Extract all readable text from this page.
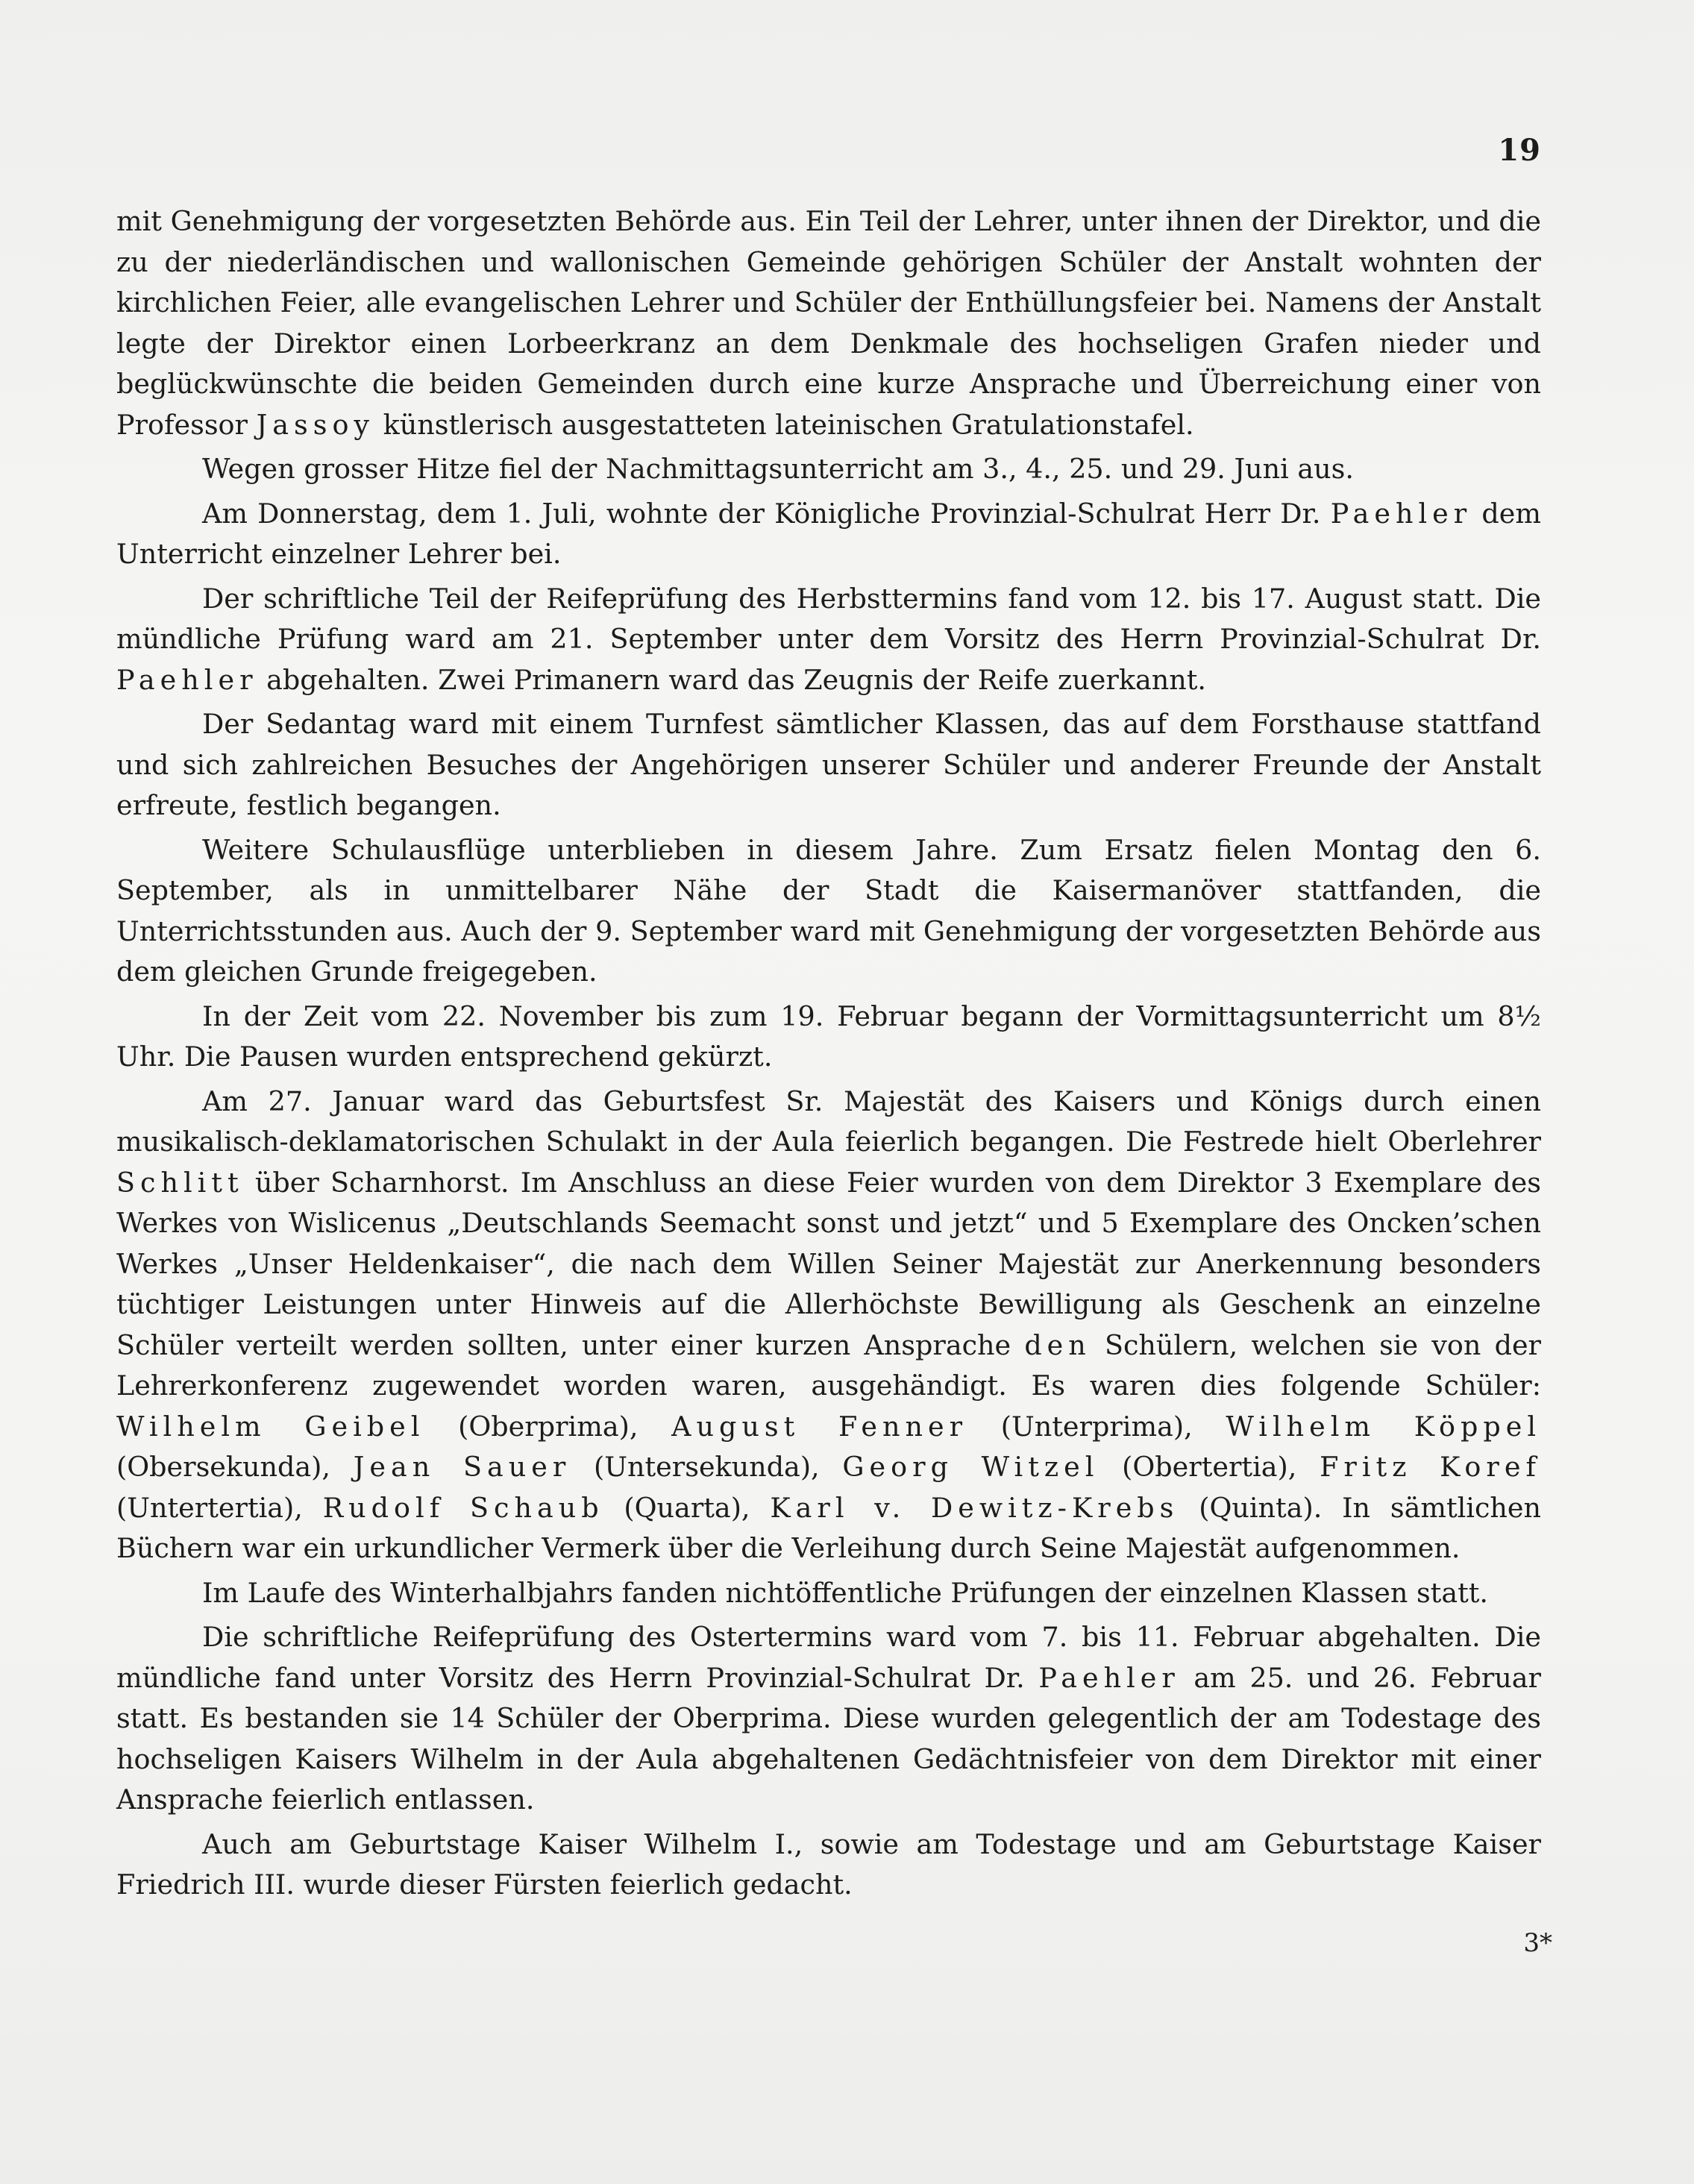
19

mit Genehmigung der vorgesetzten Behörde aus. Ein Teil der Lehrer, unter ihnen der Direktor, und die zu der niederländischen und wallonischen Gemeinde gehörigen Schüler der Anstalt wohnten der kirchlichen Feier, alle evangelischen Lehrer und Schüler der Enthüllungsfeier bei. Namens der Anstalt legte der Direktor einen Lorbeerkranz an dem Denkmale des hochseligen Grafen nieder und beglückwünschte die beiden Gemeinden durch eine kurze Ansprache und Überreichung einer von Professor Jassoy künstlerisch ausgestatteten lateinischen Gratulationstafel.

Wegen grosser Hitze fiel der Nachmittagsunterricht am 3., 4., 25. und 29. Juni aus.

Am Donnerstag, dem 1. Juli, wohnte der Königliche Provinzial-Schulrat Herr Dr. Paehler dem Unterricht einzelner Lehrer bei.

Der schriftliche Teil der Reifeprüfung des Herbsttermins fand vom 12. bis 17. August statt. Die mündliche Prüfung ward am 21. September unter dem Vorsitz des Herrn Provinzial-Schulrat Dr. Paehler abgehalten. Zwei Primanern ward das Zeugnis der Reife zuerkannt.

Der Sedantag ward mit einem Turnfest sämtlicher Klassen, das auf dem Forsthause stattfand und sich zahlreichen Besuches der Angehörigen unserer Schüler und anderer Freunde der Anstalt erfreute, festlich begangen.

Weitere Schulausflüge unterblieben in diesem Jahre. Zum Ersatz fielen Montag den 6. September, als in unmittelbarer Nähe der Stadt die Kaisermanöver stattfanden, die Unterrichtsstunden aus. Auch der 9. September ward mit Genehmigung der vorgesetzten Behörde aus dem gleichen Grunde freigegeben.

In der Zeit vom 22. November bis zum 19. Februar begann der Vormittagsunterricht um 8½ Uhr. Die Pausen wurden entsprechend gekürzt.

Am 27. Januar ward das Geburtsfest Sr. Majestät des Kaisers und Königs durch einen musikalisch-deklamatorischen Schulakt in der Aula feierlich begangen. Die Festrede hielt Oberlehrer Schlitt über Scharnhorst. Im Anschluss an diese Feier wurden von dem Direktor 3 Exemplare des Werkes von Wislicenus „Deutschlands Seemacht sonst und jetzt“ und 5 Exemplare des Oncken’schen Werkes „Unser Heldenkaiser“, die nach dem Willen Seiner Majestät zur Anerkennung besonders tüchtiger Leistungen unter Hinweis auf die Allerhöchste Bewilligung als Geschenk an einzelne Schüler verteilt werden sollten, unter einer kurzen Ansprache den Schülern, welchen sie von der Lehrerkonferenz zugewendet worden waren, ausgehändigt. Es waren dies folgende Schüler: Wilhelm Geibel (Oberprima), August Fenner (Unterprima), Wilhelm Köppel (Obersekunda), Jean Sauer (Untersekunda), Georg Witzel (Obertertia), Fritz Koref (Untertertia), Rudolf Schaub (Quarta), Karl v. Dewitz-Krebs (Quinta). In sämtlichen Büchern war ein urkundlicher Vermerk über die Verleihung durch Seine Majestät aufgenommen.

Im Laufe des Winterhalbjahrs fanden nichtöffentliche Prüfungen der einzelnen Klassen statt.

Die schriftliche Reifeprüfung des Ostertermins ward vom 7. bis 11. Februar abgehalten. Die mündliche fand unter Vorsitz des Herrn Provinzial-Schulrat Dr. Paehler am 25. und 26. Februar statt. Es bestanden sie 14 Schüler der Oberprima. Diese wurden gelegentlich der am Todestage des hochseligen Kaisers Wilhelm in der Aula abgehaltenen Gedächtnisfeier von dem Direktor mit einer Ansprache feierlich entlassen.

Auch am Geburtstage Kaiser Wilhelm I., sowie am Todestage und am Geburtstage Kaiser Friedrich III. wurde dieser Fürsten feierlich gedacht.

3*
